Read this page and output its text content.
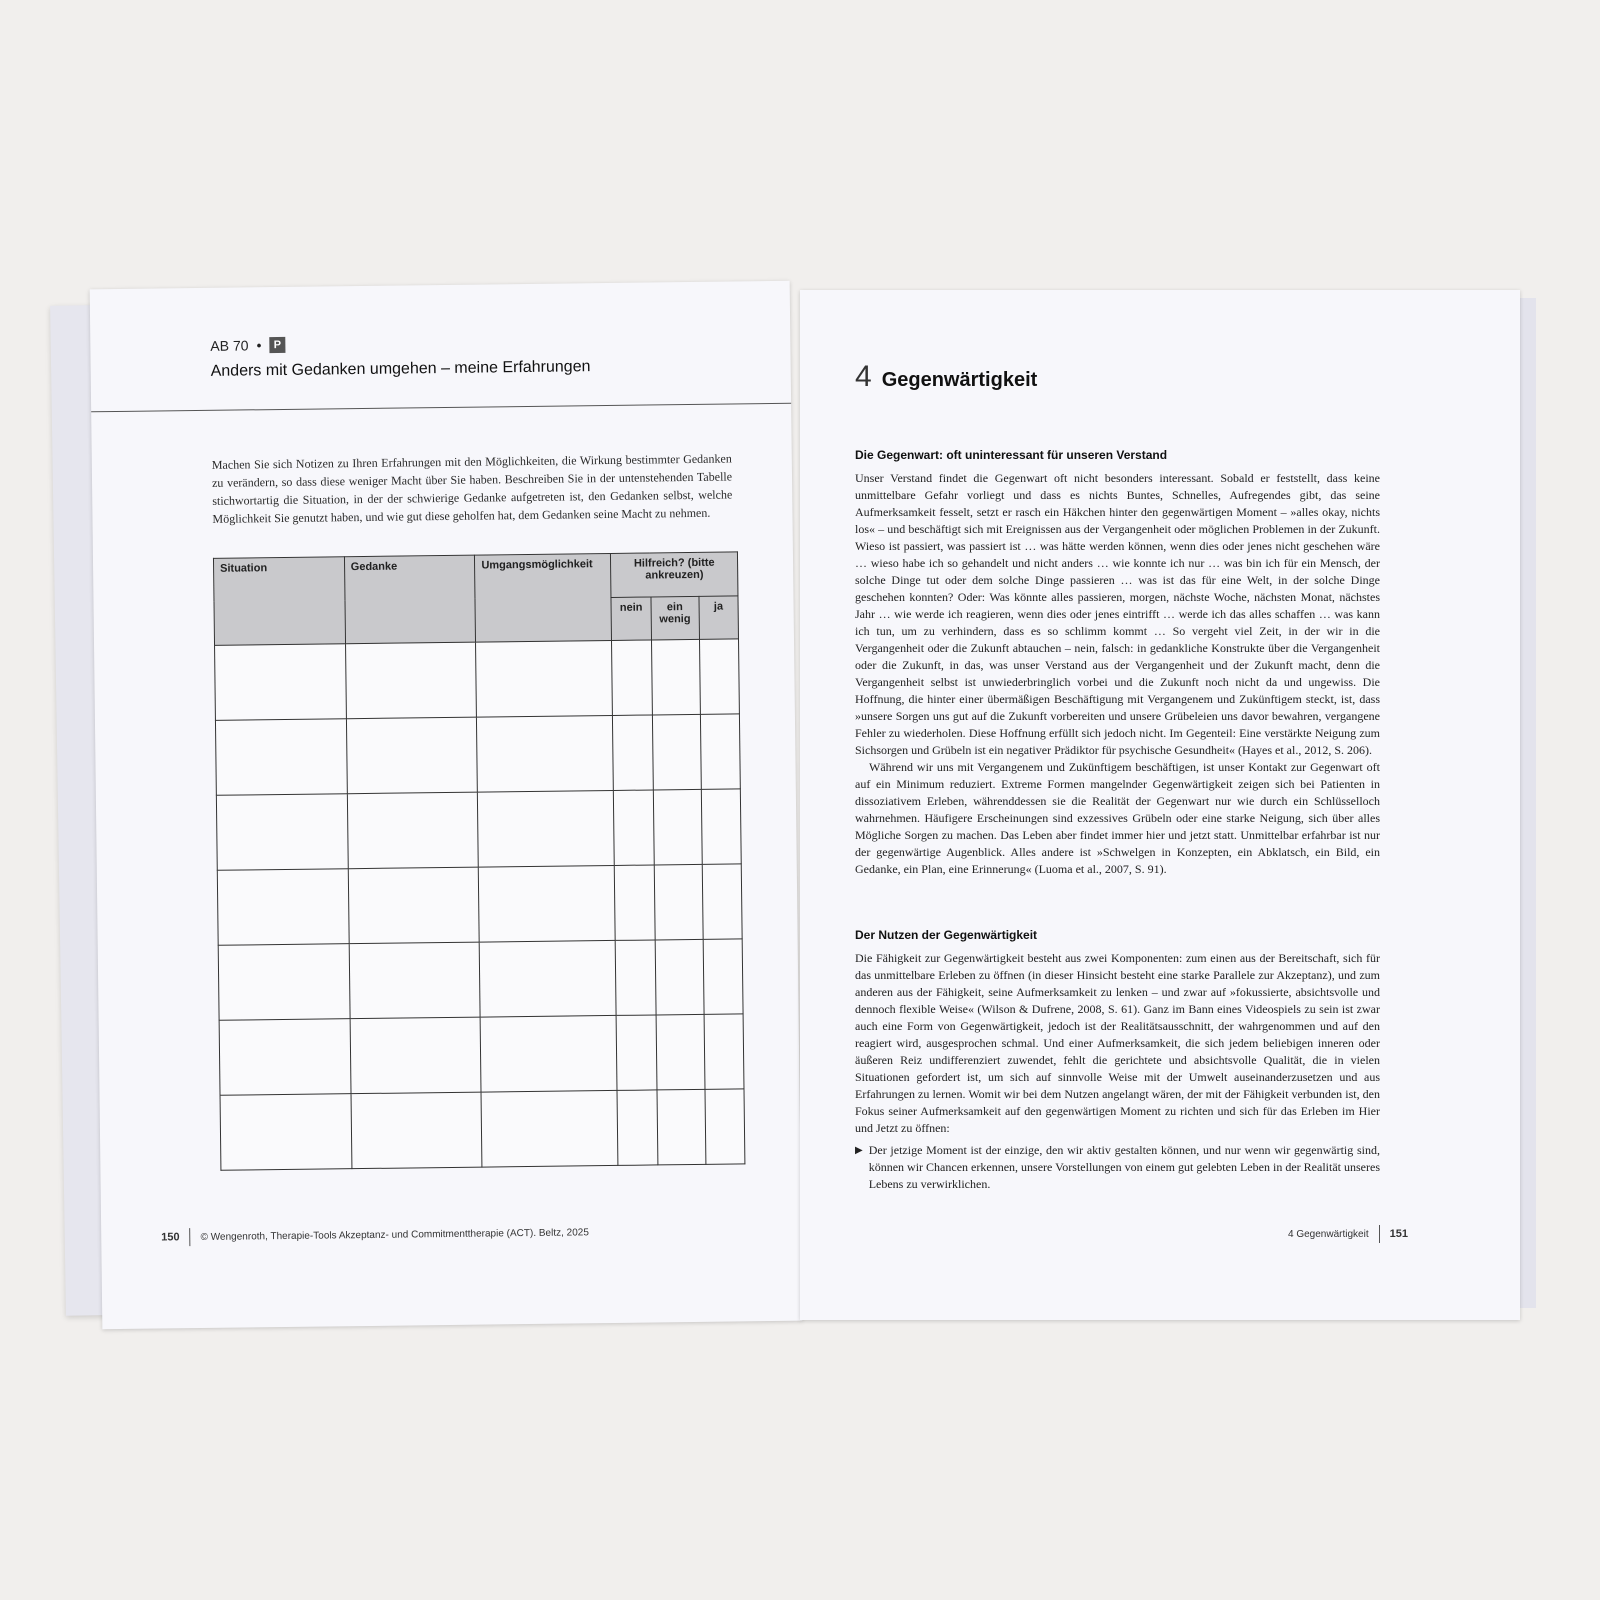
AB 70 •	P
Anders mit Gedanken umgehen – meine Erfahrungen
Machen Sie sich Notizen zu Ihren Erfahrungen mit den Möglichkeiten, die Wirkung bestimmter Gedanken zu verändern, so dass diese weniger Macht über Sie haben. Beschreiben Sie in der untenstehenden Tabelle stichwortartig die Situation, in der der schwierige Gedanke aufgetreten ist, den Gedanken selbst, welche Möglichkeit Sie genutzt haben, und wie gut diese geholfen hat, dem Gedanken seine Macht zu nehmen.
Situation	Gedanke	Umgangsmöglichkeit	Hilfreich? (bitte ankreuzen)		
			nein	ein wenig	ja

150 © Wengenroth, Therapie-Tools Akzeptanz- und Commitmenttherapie (ACT). Beltz, 2025
4 Gegenwärtigkeit
Die Gegenwart: oft uninteressant für unseren Verstand

Unser Verstand findet die Gegenwart oft nicht besonders interessant. Sobald er feststellt, dass keine unmittelbare Gefahr vorliegt und dass es nichts Buntes, Schnelles, Aufregendes gibt, das seine Aufmerksamkeit fesselt, setzt er rasch ein Häkchen hinter den gegenwärtigen Moment – »alles okay, nichts los« – und beschäftigt sich mit Ereignissen aus der Vergangenheit oder möglichen Problemen in der Zukunft. Wieso ist passiert, was passiert ist … was hätte werden können, wenn dies oder jenes nicht geschehen wäre … wieso habe ich so gehandelt und nicht anders … wie konnte ich nur … was bin ich für ein Mensch, der solche Dinge tut oder dem solche Dinge passieren … was ist das für eine Welt, in der solche Dinge geschehen konnten? Oder: Was könnte alles passieren, morgen, nächste Woche, nächsten Monat, nächstes Jahr … wie werde ich reagieren, wenn dies oder jenes eintrifft … werde ich das alles schaffen … was kann ich tun, um zu verhindern, dass es so schlimm kommt … So vergeht viel Zeit, in der wir in die Vergangenheit oder die Zukunft abtauchen – nein, falsch: in gedankliche Konstrukte über die Vergangenheit oder die Zukunft, in das, was unser Verstand aus der Vergangenheit und der Zukunft macht, denn die Vergangenheit selbst ist unwiederbringlich vorbei und die Zukunft noch nicht da und ungewiss. Die Hoffnung, die hinter einer übermäßigen Beschäftigung mit Vergangenem und Zukünftigem steckt, ist, dass »unsere Sorgen uns gut auf die Zukunft vorbereiten und unsere Grübeleien uns davor bewahren, vergangene Fehler zu wiederholen. Diese Hoffnung erfüllt sich jedoch nicht. Im Gegenteil: Eine verstärkte Neigung zum Sichsorgen und Grübeln ist ein negativer Prädiktor für psychische Gesundheit« (Hayes et al., 2012, S. 206).

Während wir uns mit Vergangenem und Zukünftigem beschäftigen, ist unser Kontakt zur Gegenwart oft auf ein Minimum reduziert. Extreme Formen mangelnder Gegenwärtigkeit zeigen sich bei Patienten in dissoziativem Erleben, währenddessen sie die Realität der Gegenwart nur wie durch ein Schlüsselloch wahrnehmen. Häufigere Erscheinungen sind exzessives Grübeln oder eine starke Neigung, sich über alles Mögliche Sorgen zu machen. Das Leben aber findet immer hier und jetzt statt. Unmittelbar erfahrbar ist nur der gegenwärtige Augenblick. Alles andere ist »Schwelgen in Konzepten, ein Abklatsch, ein Bild, ein Gedanke, ein Plan, eine Erinnerung« (Luoma et al., 2007, S. 91).

Der Nutzen der Gegenwärtigkeit

Die Fähigkeit zur Gegenwärtigkeit besteht aus zwei Komponenten: zum einen aus der Bereitschaft, sich für das unmittelbare Erleben zu öffnen (in dieser Hinsicht besteht eine starke Parallele zur Akzeptanz), und zum anderen aus der Fähigkeit, seine Aufmerksamkeit zu lenken – und zwar auf »fokussierte, absichtsvolle und dennoch flexible Weise« (Wilson & Dufrene, 2008, S. 61). Ganz im Bann eines Videospiels zu sein ist zwar auch eine Form von Gegenwärtigkeit, jedoch ist der Realitätsausschnitt, der wahrgenommen und auf den reagiert wird, ausgesprochen schmal. Und einer Aufmerksamkeit, die sich jedem beliebigen inneren oder äußeren Reiz undifferenziert zuwendet, fehlt die gerichtete und absichtsvolle Qualität, die in vielen Situationen gefordert ist, um sich auf sinnvolle Weise mit der Umwelt auseinanderzusetzen und aus Erfahrungen zu lernen. Womit wir bei dem Nutzen angelangt wären, der mit der Fähigkeit verbunden ist, den Fokus seiner Aufmerksamkeit auf den gegenwärtigen Moment zu richten und sich für das Erleben im Hier und Jetzt zu öffnen:

▶ Der jetzige Moment ist der einzige, den wir aktiv gestalten können, und nur wenn wir gegenwärtig sind, können wir Chancen erkennen, unsere Vorstellungen von einem gut gelebten Leben in der Realität unseres Lebens zu verwirklichen.
4 Gegenwärtigkeit 151
